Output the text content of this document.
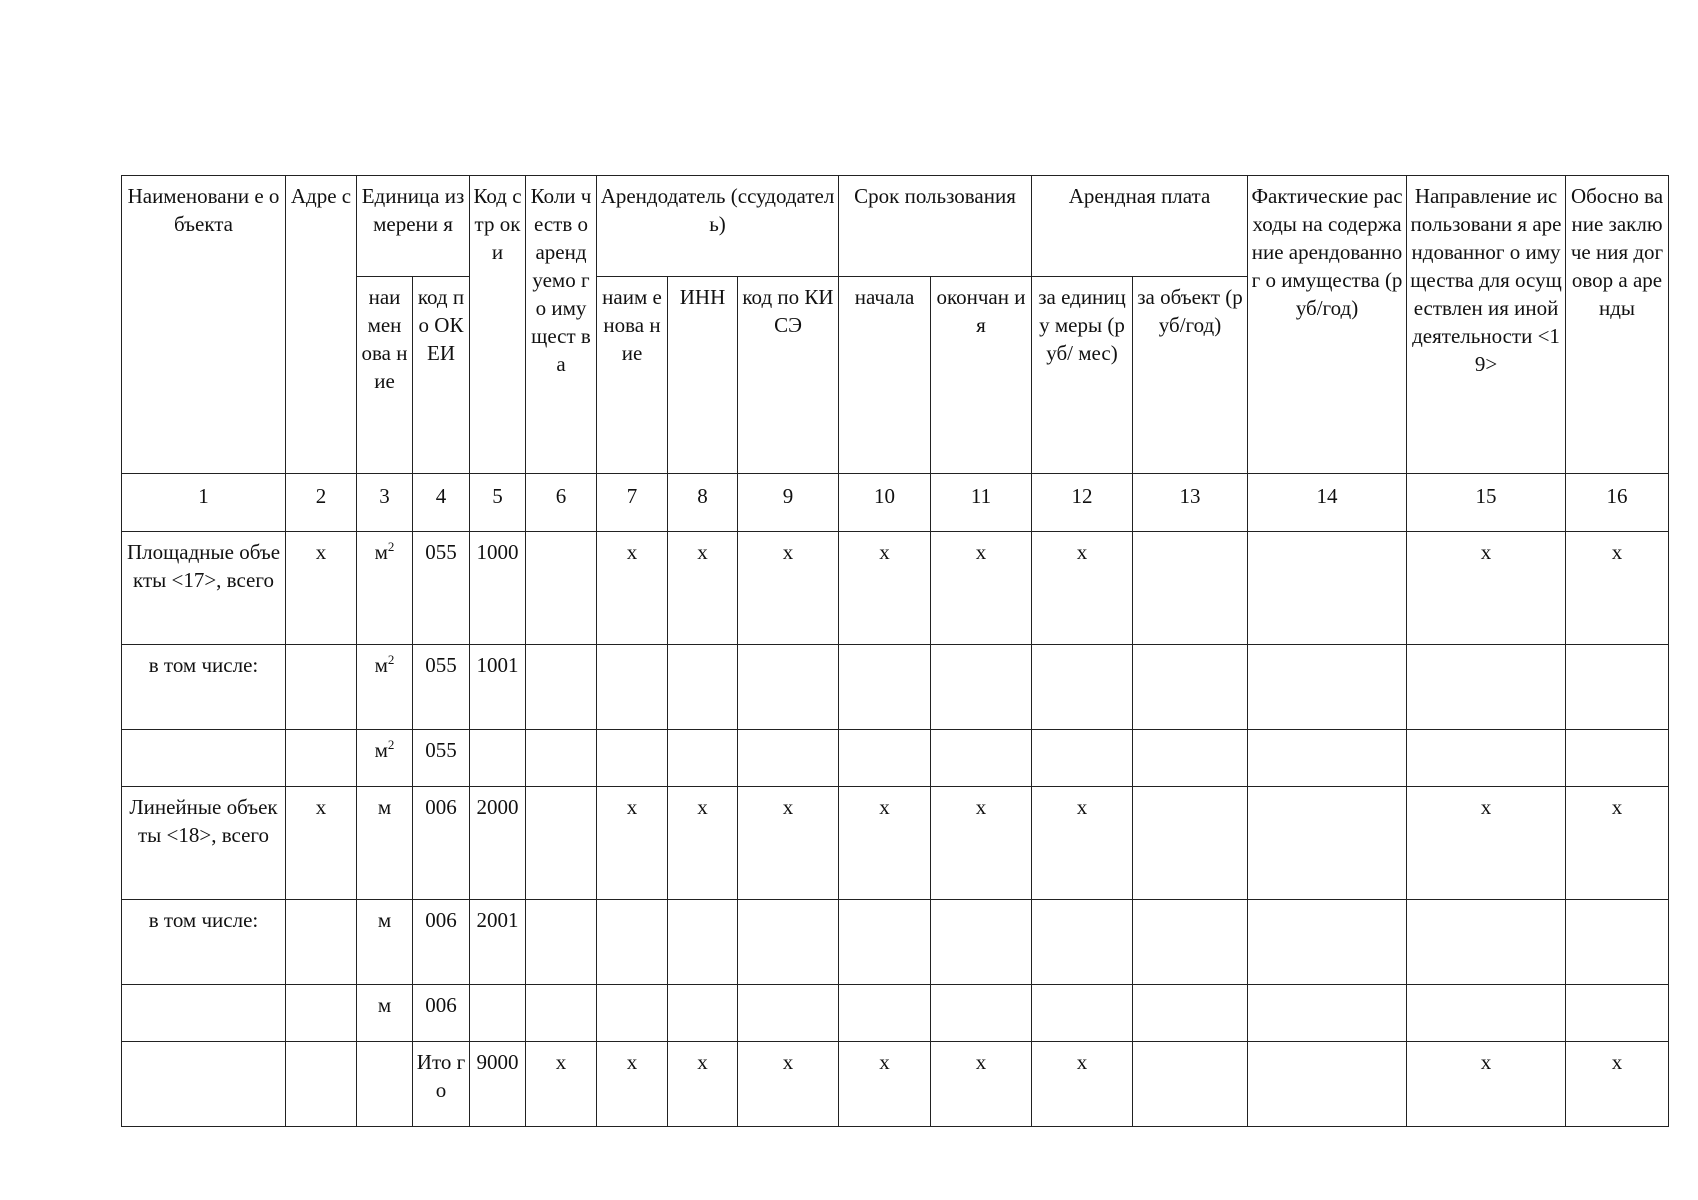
Наименовани е объекта	Адре с	Единица измерени я		Код стр оки	Коли честв о аренд уемо го иму щест ва	Арендодатель (ссудодатель)			Срок пользования		Арендная плата		Фактические расходы на содержание арендованног о имущества (руб/год)	Направление использовани я арендованног о имущества для осуществлен ия иной деятельности <19>	Обосно вание заключе ния договор а аренды
		наи мен ова ние	код по ОК ЕИ			наим енова ние	ИНН	код по КИСЭ	начала	окончан ия	за единицу меры (руб/ мес)	за объект (руб/год)			
1	2	3	4	5	6	7	8	9	10	11	12	13	14	15	16
Площадные объекты <17>, всего	х	$м^2$	055	1000		х	х	х	х	х	х			х	х
в том числе:		$м^2$	055	1001											
		$м^2$	055												
Линейные объекты <18>, всего	х	м	006	2000		х	х	х	х	х	х			х	х
в том числе:		м	006	2001											
		м	006												
			Ито го	9000	х	х	х	х	х	х	х			х	х
